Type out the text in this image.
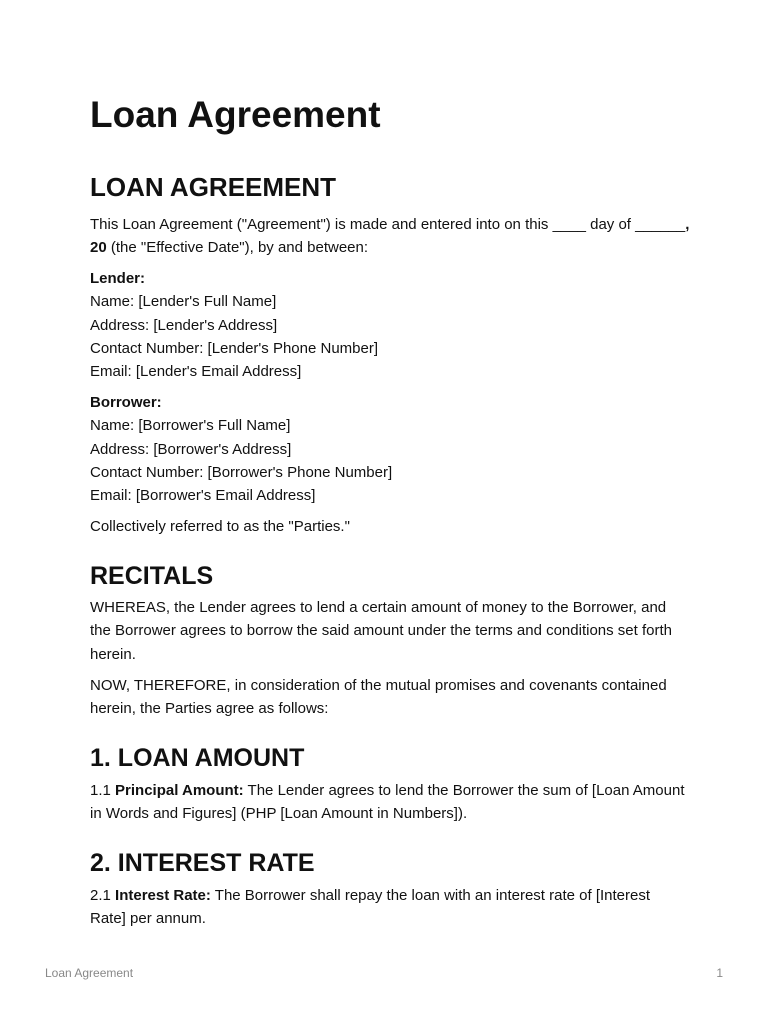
Loan Agreement
LOAN AGREEMENT

This Loan Agreement ("Agreement") is made and entered into on this ____ day of ______, 20 (the "Effective Date"), by and between:

Lender:

Name: [Lender's Full Name]

Address: [Lender's Address]

Contact Number: [Lender's Phone Number]

Email: [Lender's Email Address]

Borrower:

Name: [Borrower's Full Name]

Address: [Borrower's Address]

Contact Number: [Borrower's Phone Number]

Email: [Borrower's Email Address]

Collectively referred to as the "Parties."

RECITALS

WHEREAS, the Lender agrees to lend a certain amount of money to the Borrower, and the Borrower agrees to borrow the said amount under the terms and conditions set forth herein.

NOW, THEREFORE, in consideration of the mutual promises and covenants contained herein, the Parties agree as follows:

1. LOAN AMOUNT

1.1 Principal Amount: The Lender agrees to lend the Borrower the sum of [Loan Amount in Words and Figures] (PHP [Loan Amount in Numbers]).

2. INTEREST RATE

2.1 Interest Rate: The Borrower shall repay the loan with an interest rate of [Interest Rate] per annum.

Loan Agreement	1
